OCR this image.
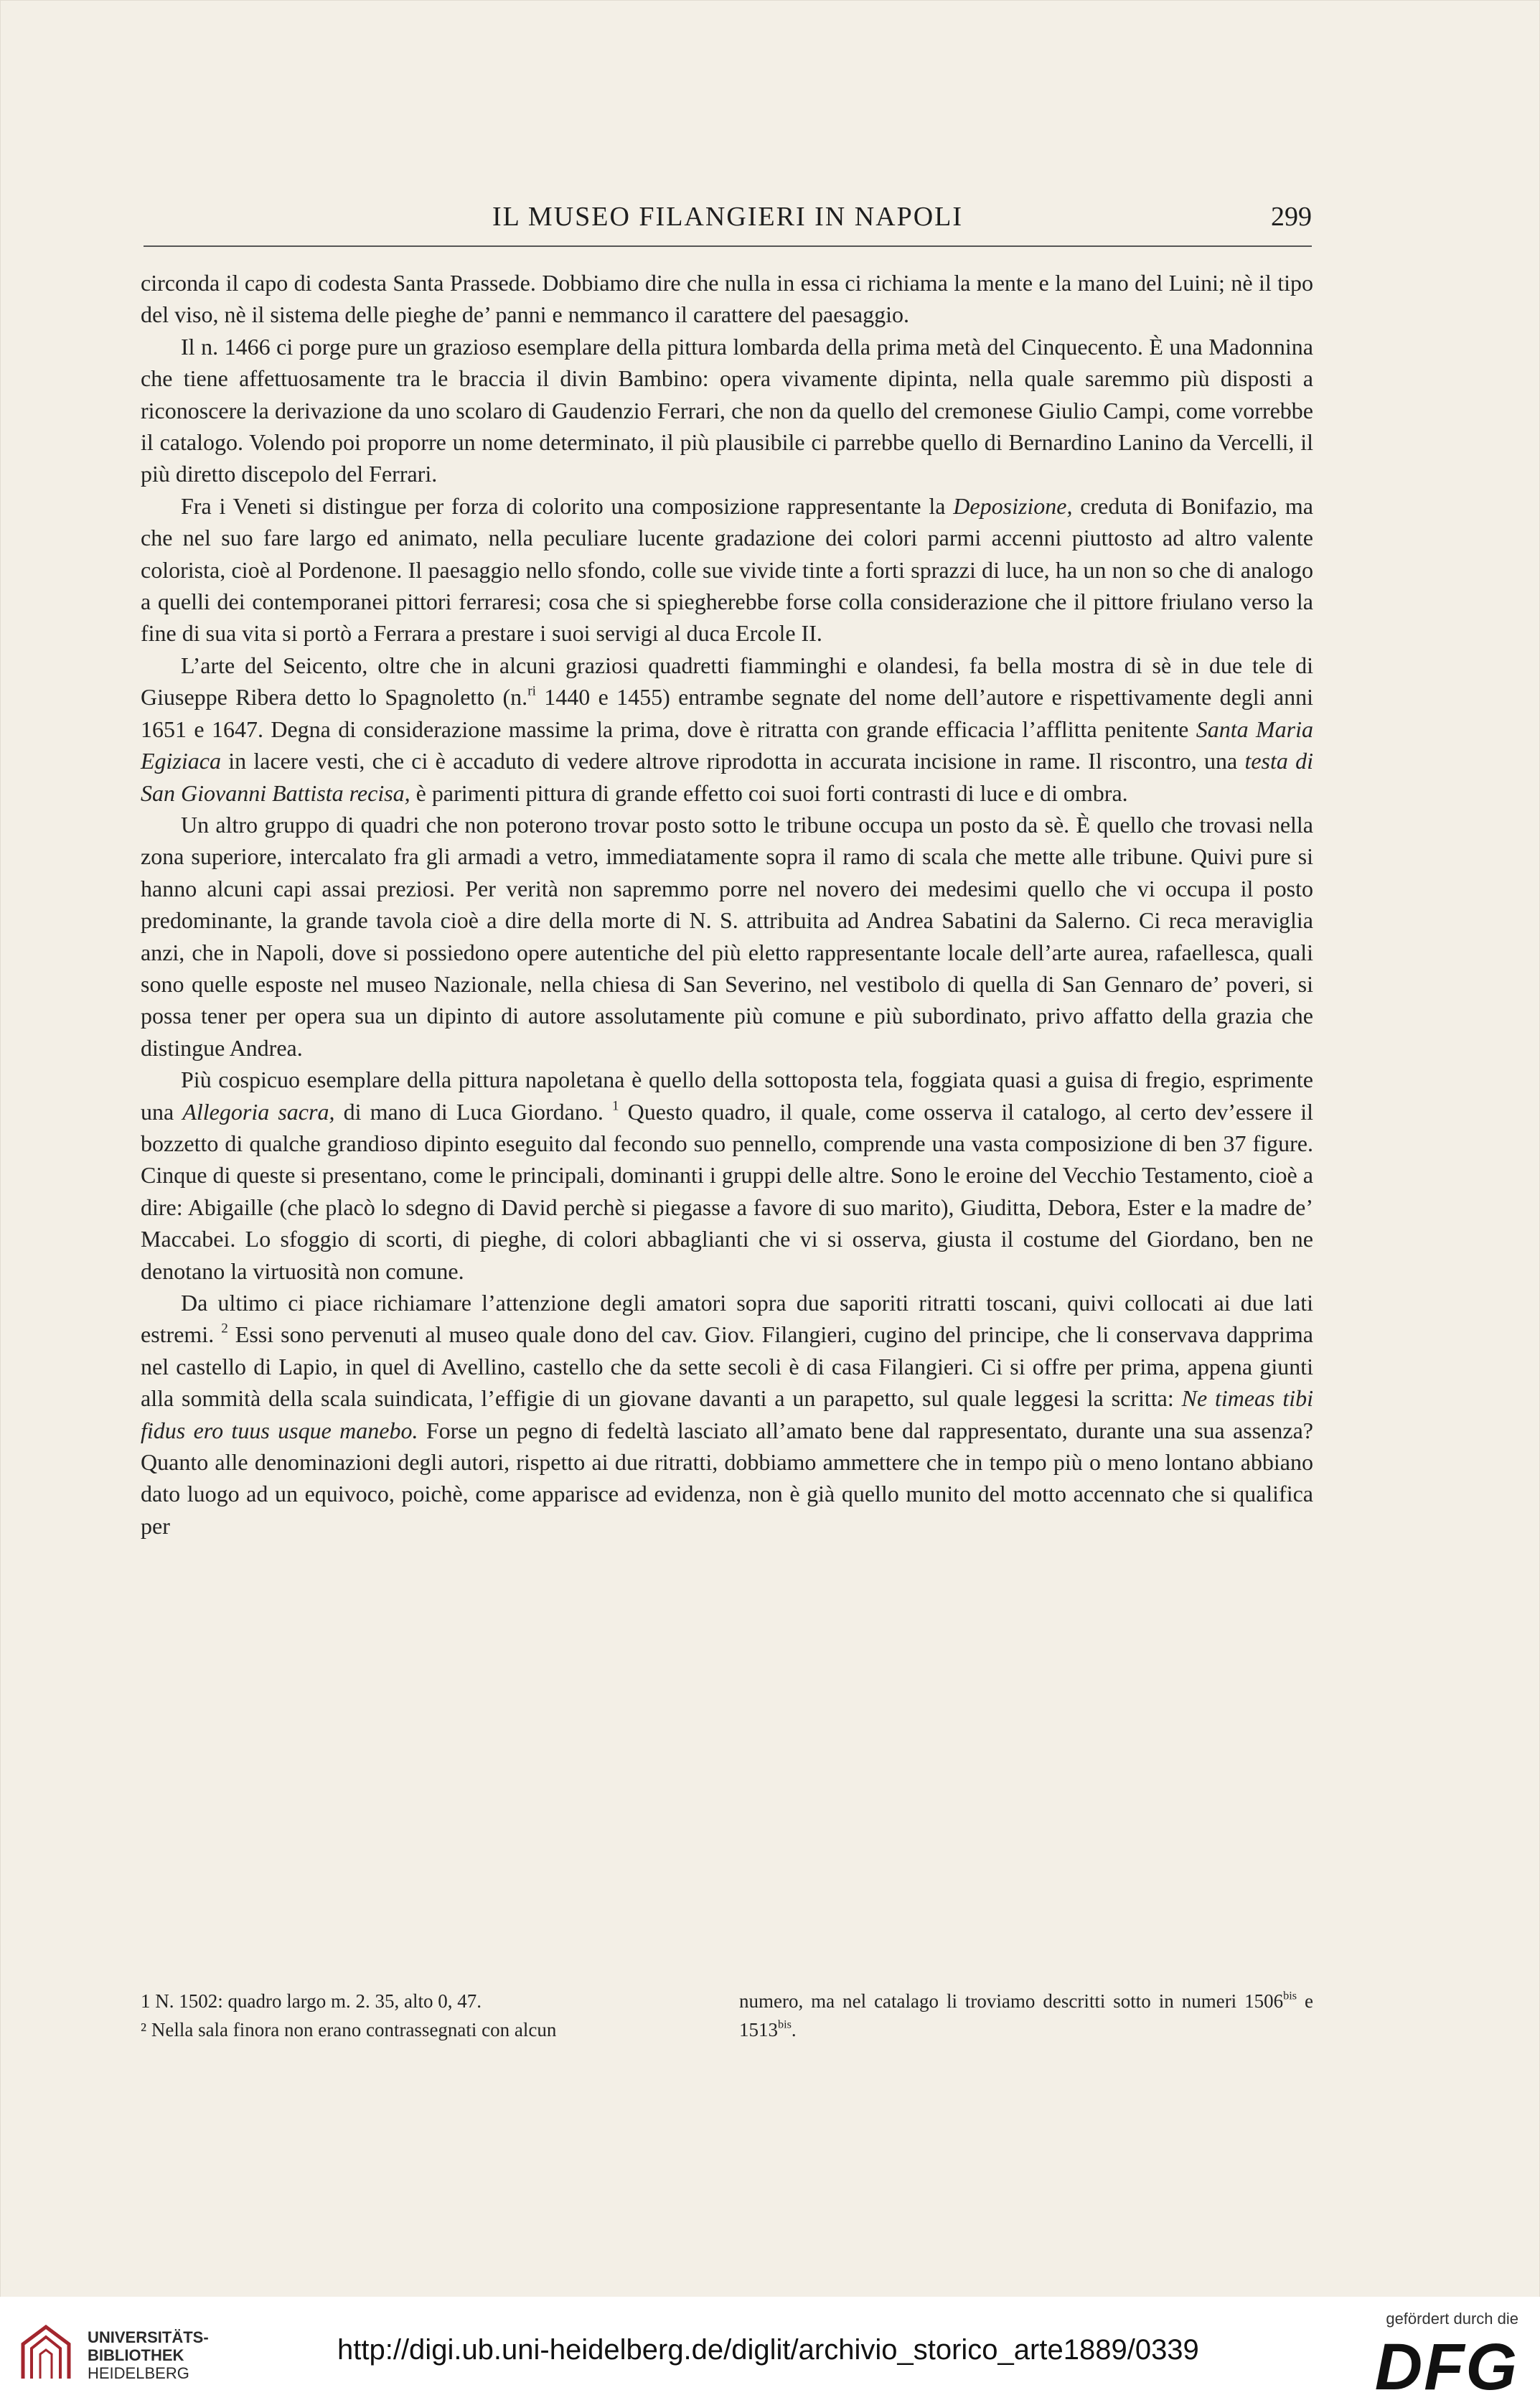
IL MUSEO FILANGIERI IN NAPOLI	299

circonda il capo di codesta Santa Prassede. Dobbiamo dire che nulla in essa ci richiama la mente e la mano del Luini; nè il tipo del viso, nè il sistema delle pieghe de’ panni e nemmanco il carattere del paesaggio.

Il n. 1466 ci porge pure un grazioso esemplare della pittura lombarda della prima metà del Cinquecento. È una Madonnina che tiene affettuosamente tra le braccia il divin Bambino: opera vivamente dipinta, nella quale saremmo più disposti a riconoscere la derivazione da uno scolaro di Gaudenzio Ferrari, che non da quello del cremonese Giulio Campi, come vorrebbe il catalogo. Volendo poi proporre un nome determinato, il più plausibile ci parrebbe quello di Bernardino Lanino da Vercelli, il più diretto discepolo del Ferrari.

Fra i Veneti si distingue per forza di colorito una composizione rappresentante la Deposizione, creduta di Bonifazio, ma che nel suo fare largo ed animato, nella peculiare lucente gradazione dei colori parmi accenni piuttosto ad altro valente colorista, cioè al Pordenone. Il paesaggio nello sfondo, colle sue vivide tinte a forti sprazzi di luce, ha un non so che di analogo a quelli dei contemporanei pittori ferraresi; cosa che si spiegherebbe forse colla considerazione che il pittore friulano verso la fine di sua vita si portò a Ferrara a prestare i suoi servigi al duca Ercole II.

L’arte del Seicento, oltre che in alcuni graziosi quadretti fiamminghi e olandesi, fa bella mostra di sè in due tele di Giuseppe Ribera detto lo Spagnoletto (n.$^{ri}$ 1440 e 1455) entrambe segnate del nome dell’autore e rispettivamente degli anni 1651 e 1647. Degna di considerazione massime la prima, dove è ritratta con grande efficacia l’afflitta penitente Santa Maria Egiziaca in lacere vesti, che ci è accaduto di vedere altrove riprodotta in accurata incisione in rame. Il riscontro, una testa di San Giovanni Battista recisa, è parimenti pittura di grande effetto coi suoi forti contrasti di luce e di ombra.

Un altro gruppo di quadri che non poterono trovar posto sotto le tribune occupa un posto da sè. È quello che trovasi nella zona superiore, intercalato fra gli armadi a vetro, immediatamente sopra il ramo di scala che mette alle tribune. Quivi pure si hanno alcuni capi assai preziosi. Per verità non sapremmo porre nel novero dei medesimi quello che vi occupa il posto predominante, la grande tavola cioè a dire della morte di N. S. attribuita ad Andrea Sabatini da Salerno. Ci reca meraviglia anzi, che in Napoli, dove si possiedono opere autentiche del più eletto rappresentante locale dell’arte aurea, rafaellesca, quali sono quelle esposte nel museo Nazionale, nella chiesa di San Severino, nel vestibolo di quella di San Gennaro de’ poveri, si possa tener per opera sua un dipinto di autore assolutamente più comune e più subordinato, privo affatto della grazia che distingue Andrea.

Più cospicuo esemplare della pittura napoletana è quello della sottoposta tela, foggiata quasi a guisa di fregio, esprimente una Allegoria sacra, di mano di Luca Giordano. $^1$ Questo quadro, il quale, come osserva il catalogo, al certo dev’essere il bozzetto di qualche grandioso dipinto eseguito dal fecondo suo pennello, comprende una vasta composizione di ben 37 figure. Cinque di queste si presentano, come le principali, dominanti i gruppi delle altre. Sono le eroine del Vecchio Testamento, cioè a dire: Abigaille (che placò lo sdegno di David perchè si piegasse a favore di suo marito), Giuditta, Debora, Ester e la madre de’ Maccabei. Lo sfoggio di scorti, di pieghe, di colori abbaglianti che vi si osserva, giusta il costume del Giordano, ben ne denotano la virtuosità non comune.

Da ultimo ci piace richiamare l’attenzione degli amatori sopra due saporiti ritratti toscani, quivi collocati ai due lati estremi. $^2$ Essi sono pervenuti al museo quale dono del cav. Giov. Filangieri, cugino del principe, che li conservava dapprima nel castello di Lapio, in quel di Avellino, castello che da sette secoli è di casa Filangieri. Ci si offre per prima, appena giunti alla sommità della scala suindicata, l’effigie di un giovane davanti a un parapetto, sul quale leggesi la scritta: Ne timeas tibi fidus ero tuus usque manebo. Forse un pegno di fedeltà lasciato all’amato bene dal rappresentato, durante una sua assenza? Quanto alle denominazioni degli autori, rispetto ai due ritratti, dobbiamo ammettere che in tempo più o meno lontano abbiano dato luogo ad un equivoco, poichè, come apparisce ad evidenza, non è già quello munito del motto accennato che si qualifica per

1 N. 1502: quadro largo m. 2. 35, alto 0, 47.
² Nella sala finora non erano contrassegnati con alcun
numero, ma nel catalago li troviamo descritti sotto in numeri $1506^{bis}$ e $1513^{bis}$.
UNIVERSITÄTS-
BIBLIOTHEK
HEIDELBERG
http://digi.ub.uni-heidelberg.de/diglit/archivio_storico_arte1889/0339
gefördert durch die
DFG
